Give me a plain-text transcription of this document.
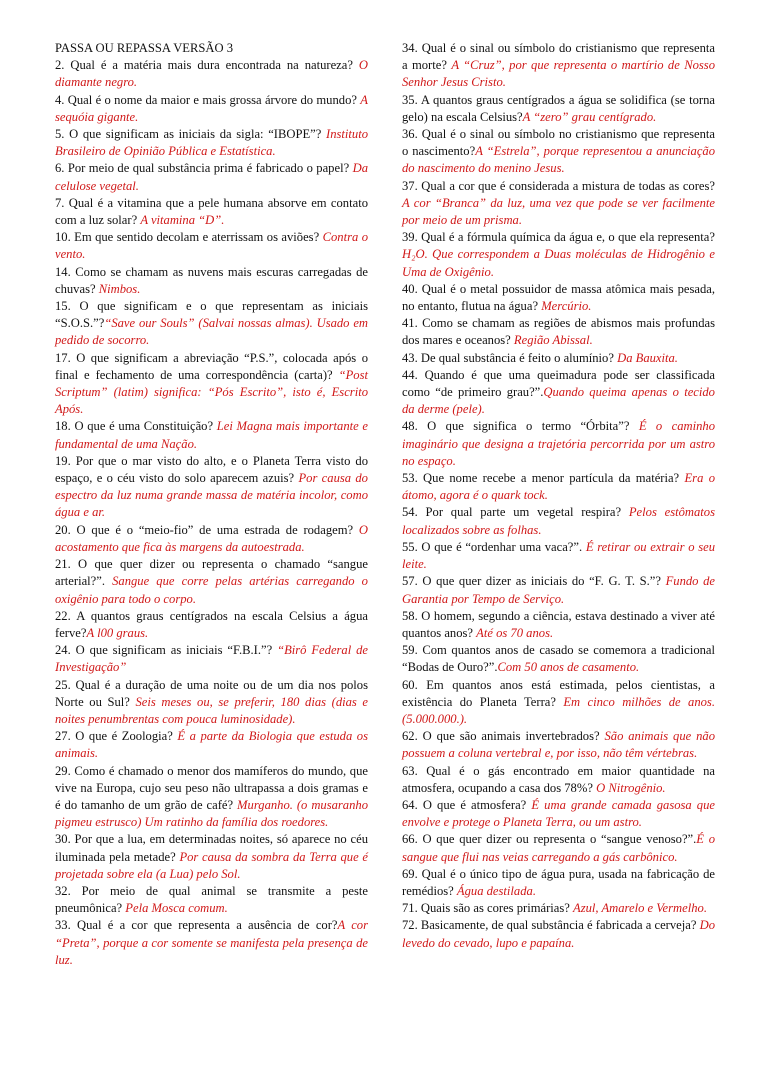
PASSA OU REPASSA VERSÃO 3

2. Qual é a matéria mais dura encontrada na natureza? O diamante negro.

4. Qual é o nome da maior e mais grossa árvore do mundo? A sequóia gigante.

5. O que significam as iniciais da sigla: “IBOPE”? Instituto Brasileiro de Opinião Pública e Estatística.

6. Por meio de qual substância prima é fabricado o papel? Da celulose vegetal.

7. Qual é a vitamina que a pele humana absorve em contato com a luz solar? A vitamina “D”.

10. Em que sentido decolam e aterrissam os aviões? Contra o vento.

14. Como se chamam as nuvens mais escuras carregadas de chuvas? Nimbos.

15. O que significam e o que representam as iniciais “S.O.S.”?“Save our Souls” (Salvai nossas almas). Usado em pedido de socorro.

17. O que significam a abreviação “P.S.”, colocada após o final e fechamento de uma correspondência (carta)? “Post Scriptum” (latim) significa: “Pós Escrito”, isto é, Escrito Após.

18. O que é uma Constituição? Lei Magna mais importante e fundamental de uma Nação.

19. Por que o mar visto do alto, e o Planeta Terra visto do espaço, e o céu visto do solo aparecem azuis? Por causa do espectro da luz numa grande massa de matéria incolor, como água e ar.

20. O que é o “meio-fio” de uma estrada de rodagem? O acostamento que fica às margens da autoestrada.

21. O que quer dizer ou representa o chamado “sangue arterial?”. Sangue que corre pelas artérias carregando o oxigênio para todo o corpo.

22. A quantos graus centígrados na escala Celsius a água ferve?A l00 graus.

24. O que significam as iniciais “F.B.I.”? “Birô Federal de Investigação”

25. Qual é a duração de uma noite ou de um dia nos polos Norte ou Sul? Seis meses ou, se preferir, 180 dias (dias e noites penumbrentas com pouca luminosidade).

27. O que é Zoologia? É a parte da Biologia que estuda os animais.

29. Como é chamado o menor dos mamíferos do mundo, que vive na Europa, cujo seu peso não ultrapassa a dois gramas e é do tamanho de um grão de café? Murganho. (o musaranho pigmeu estrusco) Um ratinho da família dos roedores.

30. Por que a lua, em determinadas noites, só aparece no céu iluminada pela metade? Por causa da sombra da Terra que é projetada sobre ela (a Lua) pelo Sol.

32. Por meio de qual animal se transmite a peste pneumônica? Pela Mosca comum.

33. Qual é a cor que representa a ausência de cor?A cor “Preta”, porque a cor somente se manifesta pela presença de luz.

34. Qual é o sinal ou símbolo do cristianismo que representa a morte? A “Cruz”, por que representa o martírio de Nosso Senhor Jesus Cristo.

35. A quantos graus centígrados a água se solidifica (se torna gelo) na escala Celsius?A “zero” grau centígrado.

36. Qual é o sinal ou símbolo no cristianismo que representa o nascimento?A “Estrela”, porque representou a anunciação do nascimento do menino Jesus.

37. Qual a cor que é considerada a mistura de todas as cores?A cor “Branca” da luz, uma vez que pode se ver facilmente por meio de um prisma.

39. Qual é a fórmula química da água e, o que ela representa? H₂O. Que correspondem a Duas moléculas de Hidrogênio e Uma de Oxigênio.

40. Qual é o metal possuidor de massa atômica mais pesada, no entanto, flutua na água? Mercúrio.

41. Como se chamam as regiões de abismos mais profundas dos mares e oceanos? Região Abissal.

43. De qual substância é feito o alumínio? Da Bauxita.

44. Quando é que uma queimadura pode ser classificada como “de primeiro grau?”.Quando queima apenas o tecido da derme (pele).

48. O que significa o termo “Órbita”? É o caminho imaginário que designa a trajetória percorrida por um astro no espaço.

53. Que nome recebe a menor partícula da matéria? Era o átomo, agora é o quark tock.

54. Por qual parte um vegetal respira? Pelos estômatos localizados sobre as folhas.

55. O que é “ordenhar uma vaca?”. É retirar ou extrair o seu leite.

57. O que quer dizer as iniciais do “F. G. T. S.”? Fundo de Garantia por Tempo de Serviço.

58. O homem, segundo a ciência, estava destinado a viver até quantos anos? Até os 70 anos.

59. Com quantos anos de casado se comemora a tradicional “Bodas de Ouro?”.Com 50 anos de casamento.

60. Em quantos anos está estimada, pelos cientistas, a existência do Planeta Terra? Em cinco milhões de anos. (5.000.000.).

62. O que são animais invertebrados? São animais que não possuem a coluna vertebral e, por isso, não têm vértebras.

63. Qual é o gás encontrado em maior quantidade na atmosfera, ocupando a casa dos 78%? O Nitrogênio.

64. O que é atmosfera? É uma grande camada gasosa que envolve e protege o Planeta Terra, ou um astro.

66. O que quer dizer ou representa o “sangue venoso?”.É o sangue que flui nas veias carregando a gás carbônico.

69. Qual é o único tipo de água pura, usada na fabricação de remédios? Água destilada.

71. Quais são as cores primárias? Azul, Amarelo e Vermelho.

72. Basicamente, de qual substância é fabricada a cerveja? Do levedo do cevado, lupo e papaína.
